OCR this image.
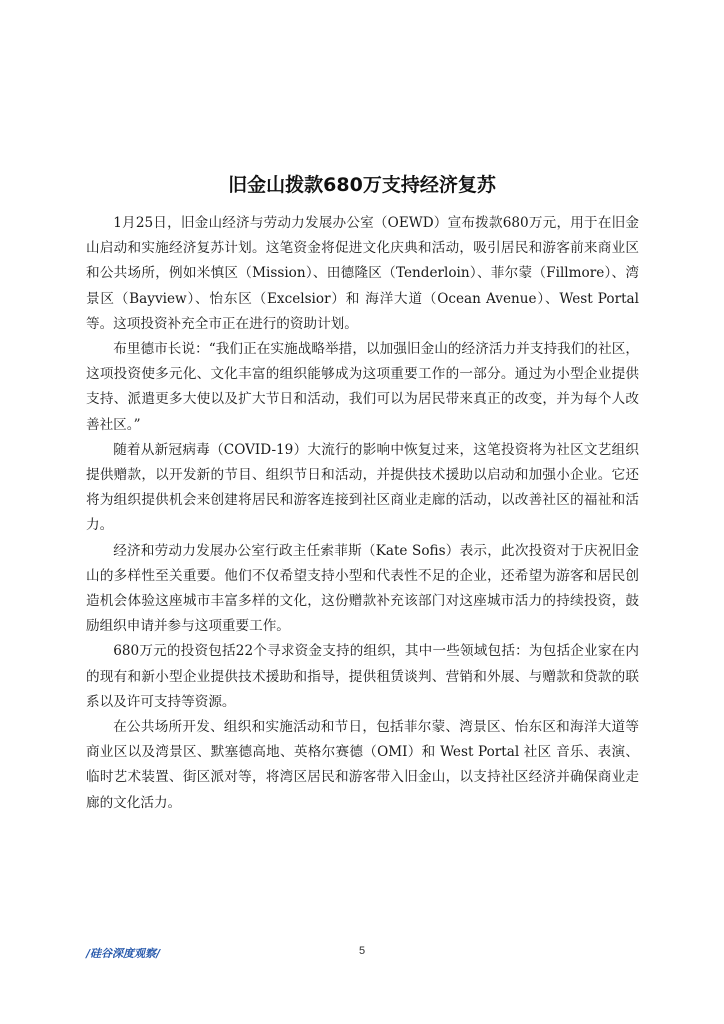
旧金山拨款680万支持经济复苏

1月25日，旧金山经济与劳动力发展办公室（OEWD）宣布拨款680万元，用于在旧金山启动和实施经济复苏计划。这笔资金将促进文化庆典和活动，吸引居民和游客前来商业区和公共场所，例如米慎区（Mission）、田德隆区（Tenderloin）、菲尔蒙（Fillmore）、湾景区（Bayview）、怡东区（Excelsior）和 海洋大道（Ocean Avenue）、West Portal 等。这项投资补充全市正在进行的资助计划。

布里德市长说：“我们正在实施战略举措，以加强旧金山的经济活力并支持我们的社区，这项投资使多元化、文化丰富的组织能够成为这项重要工作的一部分。通过为小型企业提供支持、派遣更多大使以及扩大节日和活动，我们可以为居民带来真正的改变，并为每个人改善社区。”

随着从新冠病毒（COVID-19）大流行的影响中恢复过来，这笔投资将为社区文艺组织提供赠款，以开发新的节目、组织节日和活动，并提供技术援助以启动和加强小企业。它还将为组织提供机会来创建将居民和游客连接到社区商业走廊的活动，以改善社区的福祉和活力。

经济和劳动力发展办公室行政主任索菲斯（Kate Sofis）表示，此次投资对于庆祝旧金山的多样性至关重要。他们不仅希望支持小型和代表性不足的企业，还希望为游客和居民创造机会体验这座城市丰富多样的文化，这份赠款补充该部门对这座城市活力的持续投资，鼓励组织申请并参与这项重要工作。

680万元的投资包括22个寻求资金支持的组织，其中一些领域包括：为包括企业家在内的现有和新小型企业提供技术援助和指导，提供租赁谈判、营销和外展、与赠款和贷款的联系以及许可支持等资源。

在公共场所开发、组织和实施活动和节日，包括菲尔蒙、湾景区、怡东区和海洋大道等商业区以及湾景区、默塞德高地、英格尔赛德（OMI）和 West Portal 社区 音乐、表演、临时艺术装置、街区派对等，将湾区居民和游客带入旧金山，以支持社区经济并确保商业走廊的文化活力。

/硅谷深度观察/	5
